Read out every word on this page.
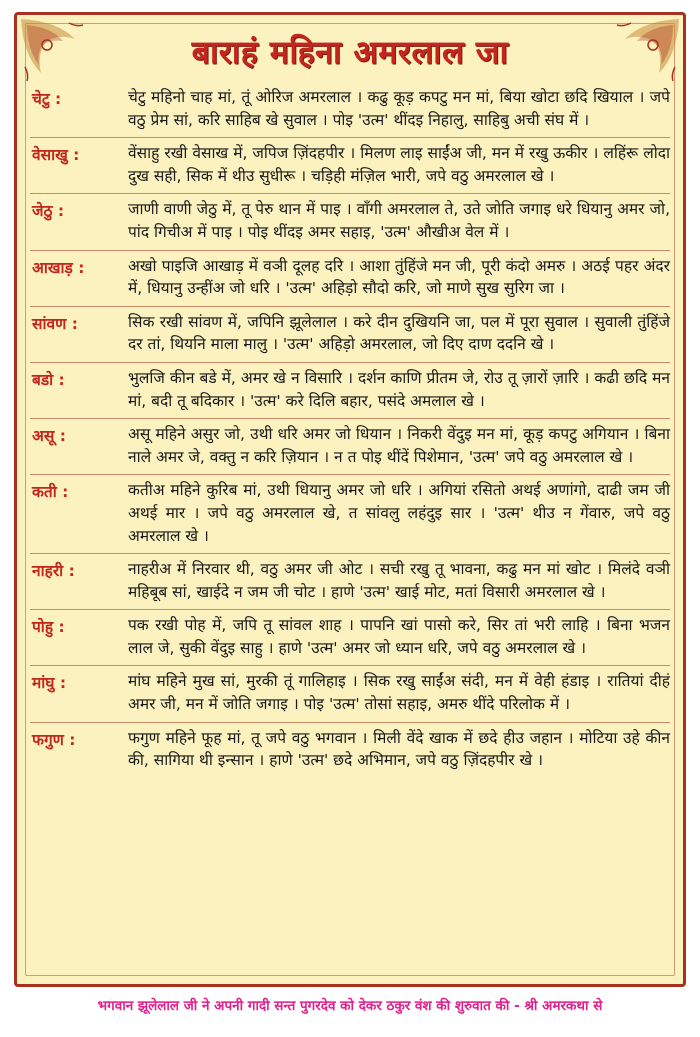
बाराहं महिना अमरलाल जा
चेटु :	चेटु महिनो चाह मां, तूं ओरिज अमरलाल । कढु कूड़ कपटु मन मां, बिया खोटा छदि खियाल । जपे वठु प्रेम सां, करि साहिब खे सुवाल । पोइ 'उत्म' थींदइ निहालु, साहिबु अची संघ में ।
वेसाखु :	वेंसाहु रखी वेसाख में, जपिज ज़िंदहपीर । मिलण लाइ साईंअ जी, मन में रखु ऊकीर । लहिंरू लोदा दुख सही, सिक में थीउ सुधीरू । चड़िही मंज़िल भारी, जपे वठु अमरलाल खे ।
जेठु :	जाणी वाणी जेठु में, तू पेरु थान में पाइ । वाँगी अमरलाल ते, उते जोति जगाइ धरे धियानु अमर जो, पांद गिचीअ में पाइ । पोइ थींदइ अमर सहाइ, 'उत्म' औखीअ वेल में ।
आखाड़ :	अखो पाइजि आखाड़ में वञी दूलह दरि । आशा तुंहिंजे मन जी, पूरी कंदो अमरु । अठई पहर अंदर में, धियानु उन्हींअ जो धरि । 'उत्म' अहिड़ो सौदो करि, जो माणे सुख सुरिग जा ।
सांवण :	सिक रखी सांवण में, जपिनि झूलेलाल । करे दीन दुखियनि जा, पल में पूरा सुवाल । सुवाली तुंहिंजे दर तां, थियनि माला मालु । 'उत्म' अहिड़ो अमरलाल, जो दिए दाण ददनि खे ।
बडो :	भुलजि कीन बडे में, अमर खे न विसारि । दर्शन काणि प्रीतम जे, रोउ तू ज़ारों ज़ारि । कढी छदि मन मां, बदी तू बदिकार । 'उत्म' करे दिलि बहार, पसंदे अमलाल खे ।
असू :	असू महिने असुर जो, उथी धरि अमर जो धियान । निकरी वेंदुइ मन मां, कूड़ कपटु अगियान । बिना नाले अमर जे, वक्तु न करि ज़ियान । न त पोइ थींदें पिशेमान, 'उत्म' जपे वठु अमरलाल खे ।
कती :	कतीअ महिने कुरिब मां, उथी धियानु अमर जो धरि । अगियां रसितो अथई अणांगो, दाढी जम जी अथई मार । जपे वठु अमरलाल खे, त सांवलु लहंदुइ सार । 'उत्म' थीउ न गेंवारु, जपे वठु अमरलाल खे ।
नाहरी :	नाहरीअ में निरवार थी, वठु अमर जी ओट । सची रखु तू भावना, कढु मन मां खोट । मिलंदे वञी महिबूब सां, खाईदे न जम जी चोट । हाणे 'उत्म' खाई मोट, मतां विसारी अमरलाल खे ।
पोहु :	पक रखी पोह में, जपि तू सांवल शाह । पापनि खां पासो करे, सिर तां भरी लाहि । बिना भजन लाल जे, सुकी वेंदुइ साहु । हाणे 'उत्म' अमर जो ध्यान धरि, जपे वठु अमरलाल खे ।
मांघु :	मांघ महिने मुख सां, मुरकी तूं गालिहाइ । सिक रखु साईंअ संदी, मन में वेही हंडाइ । रातियां दीहं अमर जी, मन में जोति जगाइ । पोइ 'उत्म' तोसां सहाइ, अमरु थींदे परिलोक में ।
फगुण :	फगुण महिने फूह मां, तू जपे वठु भगवान । मिली वेंदे खाक में छदे हीउ जहान । मोटिया उहे कीन की, सागिया थी इन्सान । हाणे 'उत्म' छदे अभिमान, जपे वठु ज़िंदहपीर खे ।
भगवान झूलेलाल जी ने अपनी गादी सन्त पुगरदेव को देकर ठकुर वंश की शुरुवात की - श्री अमरकथा से
